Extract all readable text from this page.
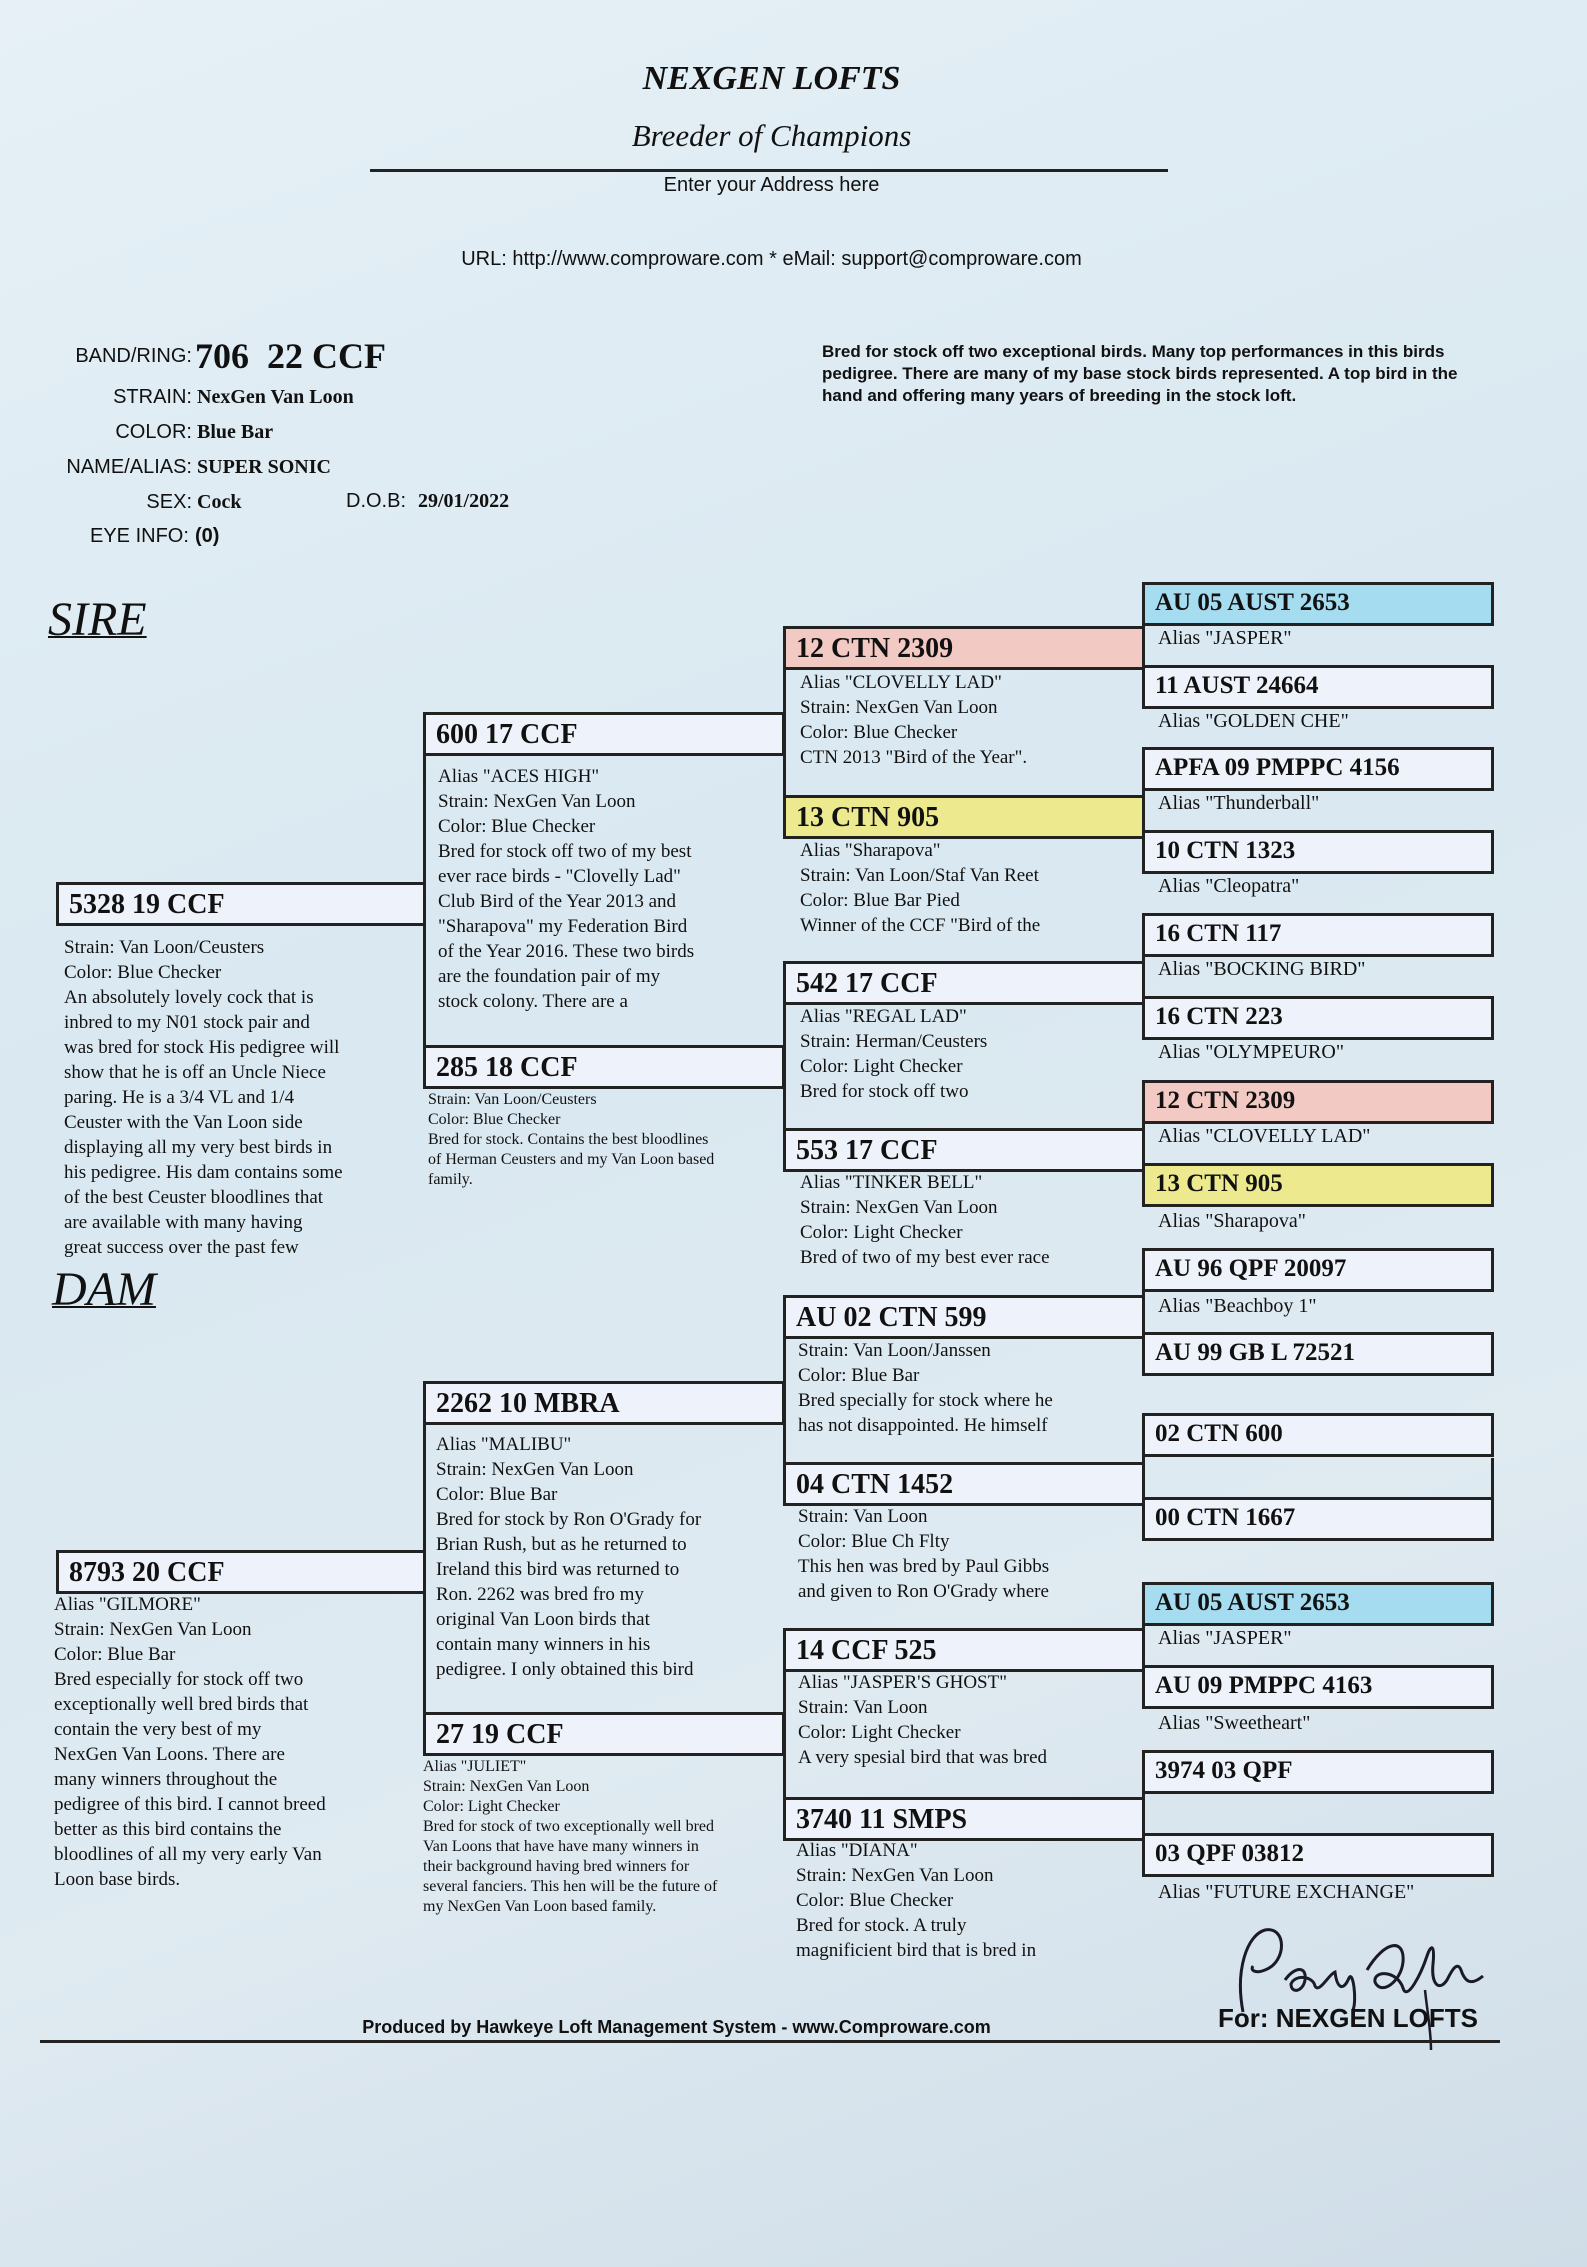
NEXGEN LOFTS
Breeder of Champions
Enter your Address here
URL: http://www.comproware.com * eMail: support@comproware.com
BAND/RING: 706  22 CCF
STRAIN: NexGen Van Loon
COLOR: Blue Bar
NAME/ALIAS: SUPER SONIC
SEX: Cock	D.O.B: 29/01/2022
EYE INFO: (0)
Bred for stock off two exceptional birds. Many top performances in this birds pedigree. There are many of my base stock birds represented. A top bird in the hand and offering many years of breeding in the stock loft.
SIRE
DAM
5328 19 CCF
Strain: Van Loon/Ceusters
Color: Blue Checker
An absolutely lovely cock that is
inbred to my N01 stock pair and
was bred for stock His pedigree will
show that he is off an Uncle Niece
paring. He is a 3/4 VL and 1/4
Ceuster with the Van Loon side
displaying all my very best birds in
his pedigree. His dam contains some
of the best Ceuster bloodlines that
are available with many having
great success over the past few
8793 20 CCF
Alias "GILMORE"
Strain: NexGen Van Loon
Color: Blue Bar
Bred especially for stock off two
exceptionally well bred birds that
contain the very best of my
NexGen Van Loons. There are
many winners throughout the
pedigree of this bird. I cannot breed
better as this bird contains the
bloodlines of all my very early Van
Loon base birds.
600 17 CCF
Alias "ACES HIGH"
Strain: NexGen Van Loon
Color: Blue Checker
Bred for stock off two of my best
ever race birds - "Clovelly Lad"
Club Bird of the Year 2013 and
"Sharapova" my Federation Bird
of the Year 2016. These two birds
are the foundation pair of my
stock colony. There are a
285 18 CCF
Strain: Van Loon/Ceusters
Color: Blue Checker
Bred for stock. Contains the best bloodlines
of Herman Ceusters and my Van Loon based
family.
2262 10 MBRA
Alias "MALIBU"
Strain: NexGen Van Loon
Color: Blue Bar
Bred for stock by Ron O'Grady for
Brian Rush, but as he returned to
Ireland this bird was returned to
Ron. 2262 was bred fro my
original Van Loon birds that
contain many winners in his
pedigree. I only obtained this bird
27 19 CCF
Alias "JULIET"
Strain: NexGen Van Loon
Color: Light Checker
Bred for stock of two exceptionally well bred
Van Loons that have have many winners in
their background having bred winners for
several fanciers. This hen will be the future of
my NexGen Van Loon based family.
12 CTN 2309
Alias "CLOVELLY LAD"
Strain: NexGen Van Loon
Color: Blue Checker
CTN 2013 "Bird of the Year".
13 CTN 905
Alias "Sharapova"
Strain: Van Loon/Staf Van Reet
Color: Blue Bar Pied
Winner of the CCF "Bird of the
542 17 CCF
Alias "REGAL LAD"
Strain: Herman/Ceusters
Color: Light Checker
Bred for stock off two
553 17 CCF
Alias "TINKER BELL"
Strain: NexGen Van Loon
Color: Light Checker
Bred of two of my best ever race
AU 02 CTN 599
Strain: Van Loon/Janssen
Color: Blue Bar
Bred specially for stock where he
has not disappointed. He himself
04 CTN 1452
Strain: Van Loon
Color: Blue Ch Flty
This hen was bred by Paul Gibbs
and given to Ron O'Grady where
14 CCF 525
Alias "JASPER'S GHOST"
Strain: Van Loon
Color: Light Checker
A very spesial bird that was bred
3740 11 SMPS
Alias "DIANA"
Strain: NexGen Van Loon
Color: Blue Checker
Bred for stock. A truly
magnificient bird that is bred in
AU 05 AUST 2653
Alias "JASPER"
11 AUST 24664
Alias "GOLDEN CHE"
APFA 09 PMPPC 4156
Alias "Thunderball"
10 CTN 1323
Alias "Cleopatra"
16 CTN 117
Alias "BOCKING BIRD"
16 CTN 223
Alias "OLYMPEURO"
12 CTN 2309
Alias "CLOVELLY LAD"
13 CTN 905
Alias "Sharapova"
AU 96 QPF 20097
Alias "Beachboy 1"
AU 99 GB L 72521
02 CTN 600
00 CTN 1667
AU 05 AUST 2653
Alias "JASPER"
AU 09 PMPPC 4163
Alias "Sweetheart"
3974 03 QPF
03 QPF 03812
Alias "FUTURE EXCHANGE"
For: NEXGEN LOFTS
Produced by Hawkeye Loft Management System - www.Comproware.com
